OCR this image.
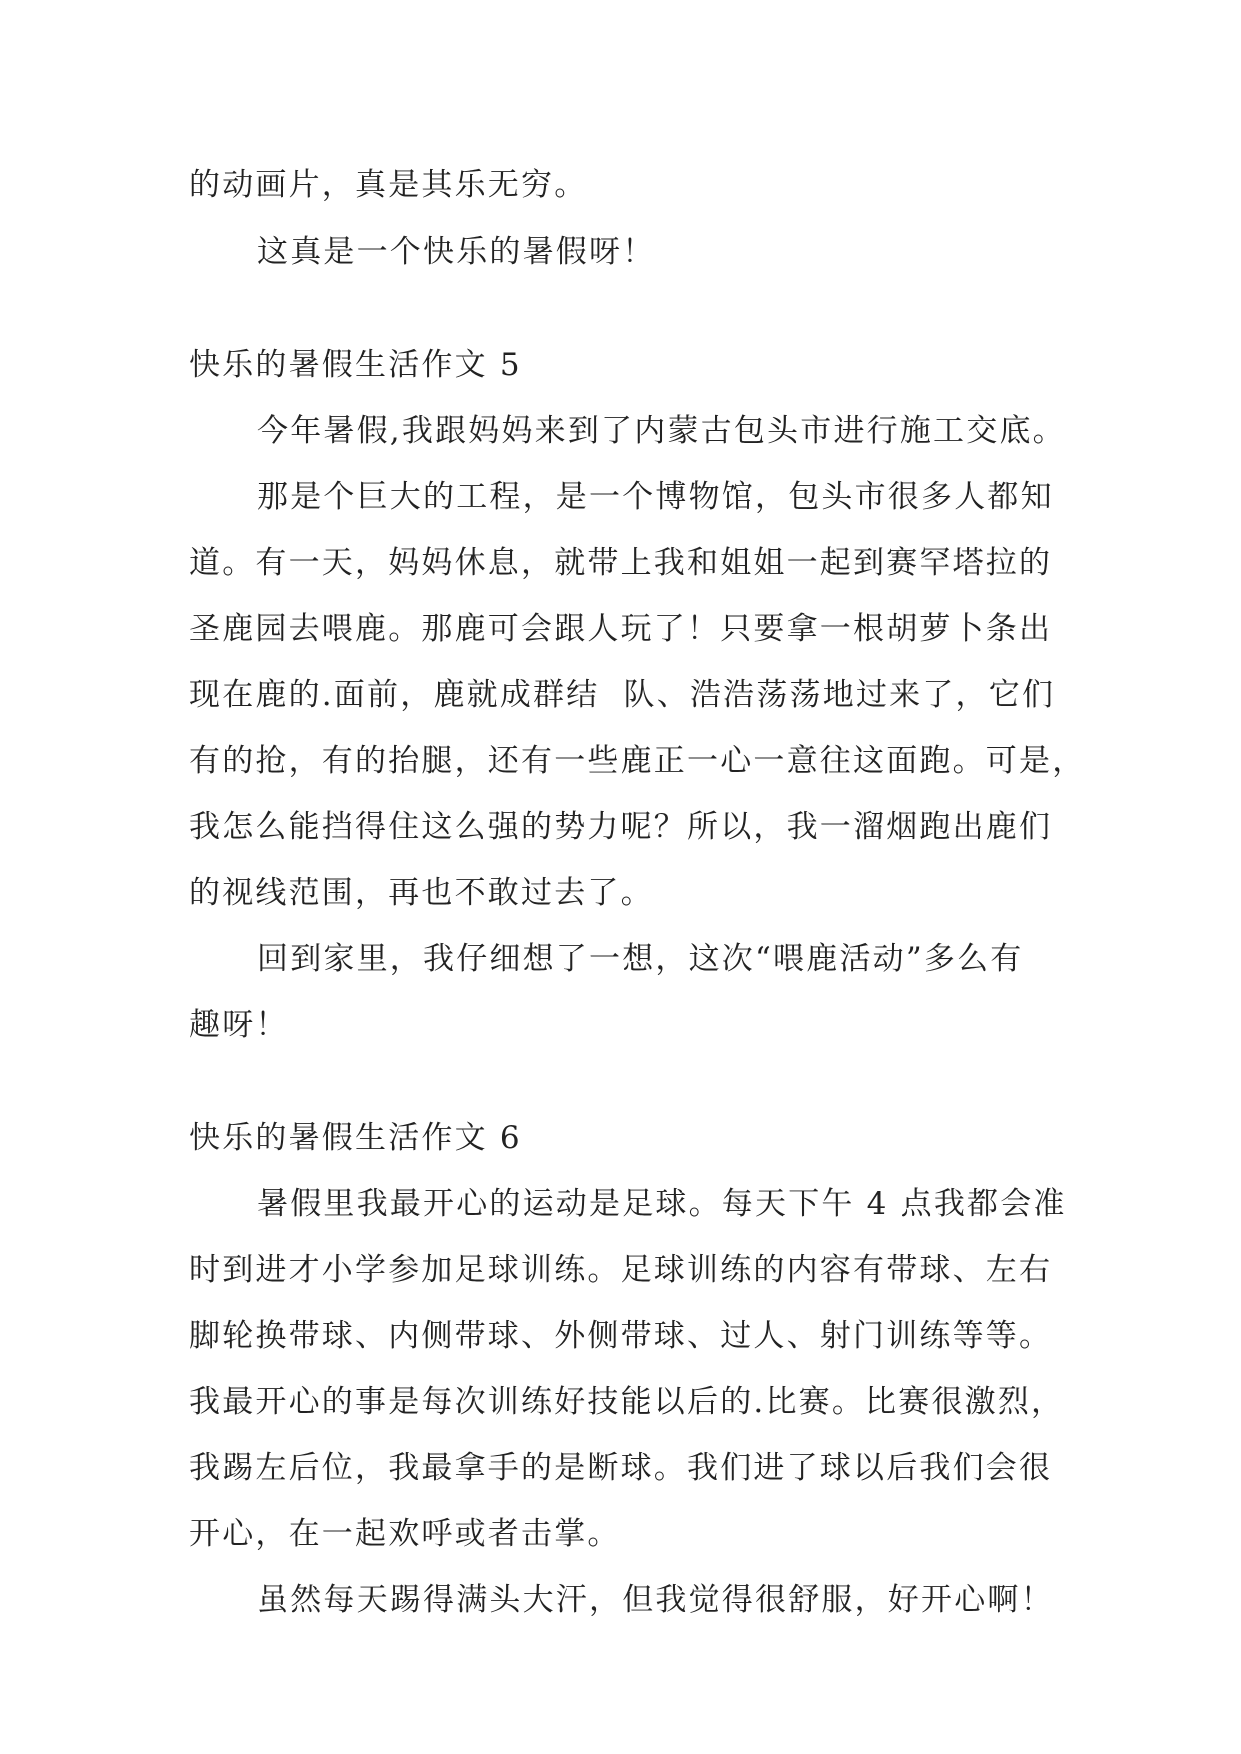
的动画片，真是其乐无穷。

这真是一个快乐的暑假呀！

快乐的暑假生活作文 5

今年暑假,我跟妈妈来到了内蒙古包头市进行施工交底。

那是个巨大的工程，是一个博物馆，包头市很多人都知

道。有一天，妈妈休息，就带上我和姐姐一起到赛罕塔拉的

圣鹿园去喂鹿。那鹿可会跟人玩了！只要拿一根胡萝卜条出

现在鹿的.面前，鹿就成群结  队、浩浩荡荡地过来了，它们

有的抢，有的抬腿，还有一些鹿正一心一意往这面跑。可是，

我怎么能挡得住这么强的势力呢？所以，我一溜烟跑出鹿们

的视线范围，再也不敢过去了。

回到家里，我仔细想了一想，这次“喂鹿活动”多么有

趣呀！

快乐的暑假生活作文 6

暑假里我最开心的运动是足球。每天下午 4 点我都会准

时到进才小学参加足球训练。足球训练的内容有带球、左右

脚轮换带球、内侧带球、外侧带球、过人、射门训练等等。

我最开心的事是每次训练好技能以后的.比赛。比赛很激烈，

我踢左后位，我最拿手的是断球。我们进了球以后我们会很

开心，在一起欢呼或者击掌。

虽然每天踢得满头大汗，但我觉得很舒服，好开心啊！
